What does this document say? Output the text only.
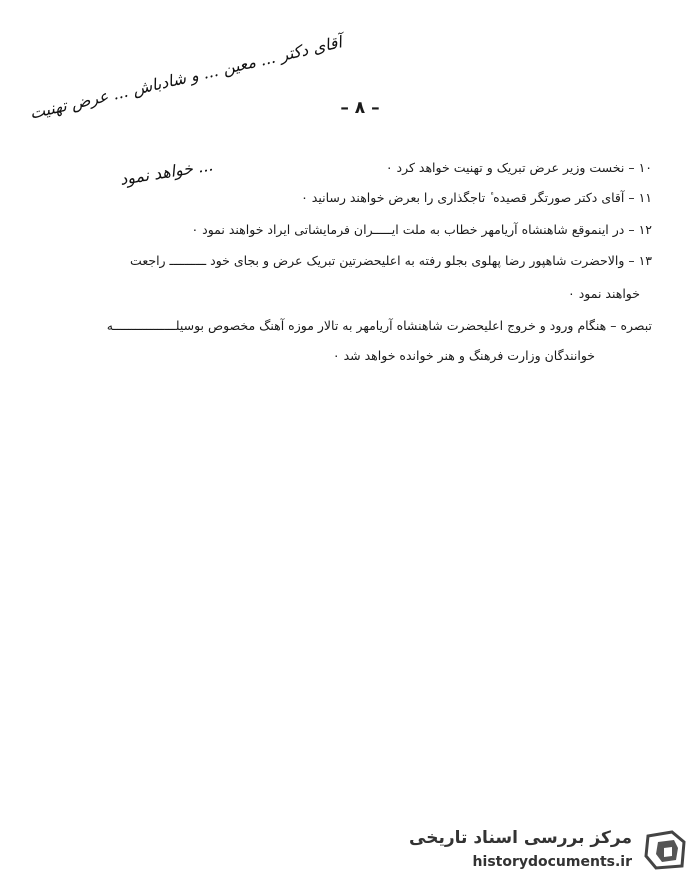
– ۸ –
آقای دکتر ... معین ... و شادباش ... عرض تهنیت
... خواهد نمود	۱۰ – نخست وزیر عرض تبریک و تهنیت خواهد کرد ٠
۱۱ – آقای دکتر صورتگر قصیده ٔ تاجگذاری را بعرض خواهند رسانید ٠
۱۲ – در اینموقع شاهنشاه آریامهر خطاب به ملت ایـــــران فرمایشاتی ایراد خواهند نمود ٠
۱۳ – والاحضرت شاهپور رضا پهلوی بجلو رفته به اعلیحضرتین تبریک عرض و بجای خود ــــــــــ راجعت
خواهند نمود ٠
تبصره – هنگام ورود و خروج اعلیحضرت شاهنشاه آریامهر به تالار موزه آهنگ مخصوص بوسیلـــــــــــــــــه
خوانندگان وزارت فرهنگ و هنر خوانده خواهد شد ٠
مرکز بررسی اسناد تاریخی
historydocuments.ir
